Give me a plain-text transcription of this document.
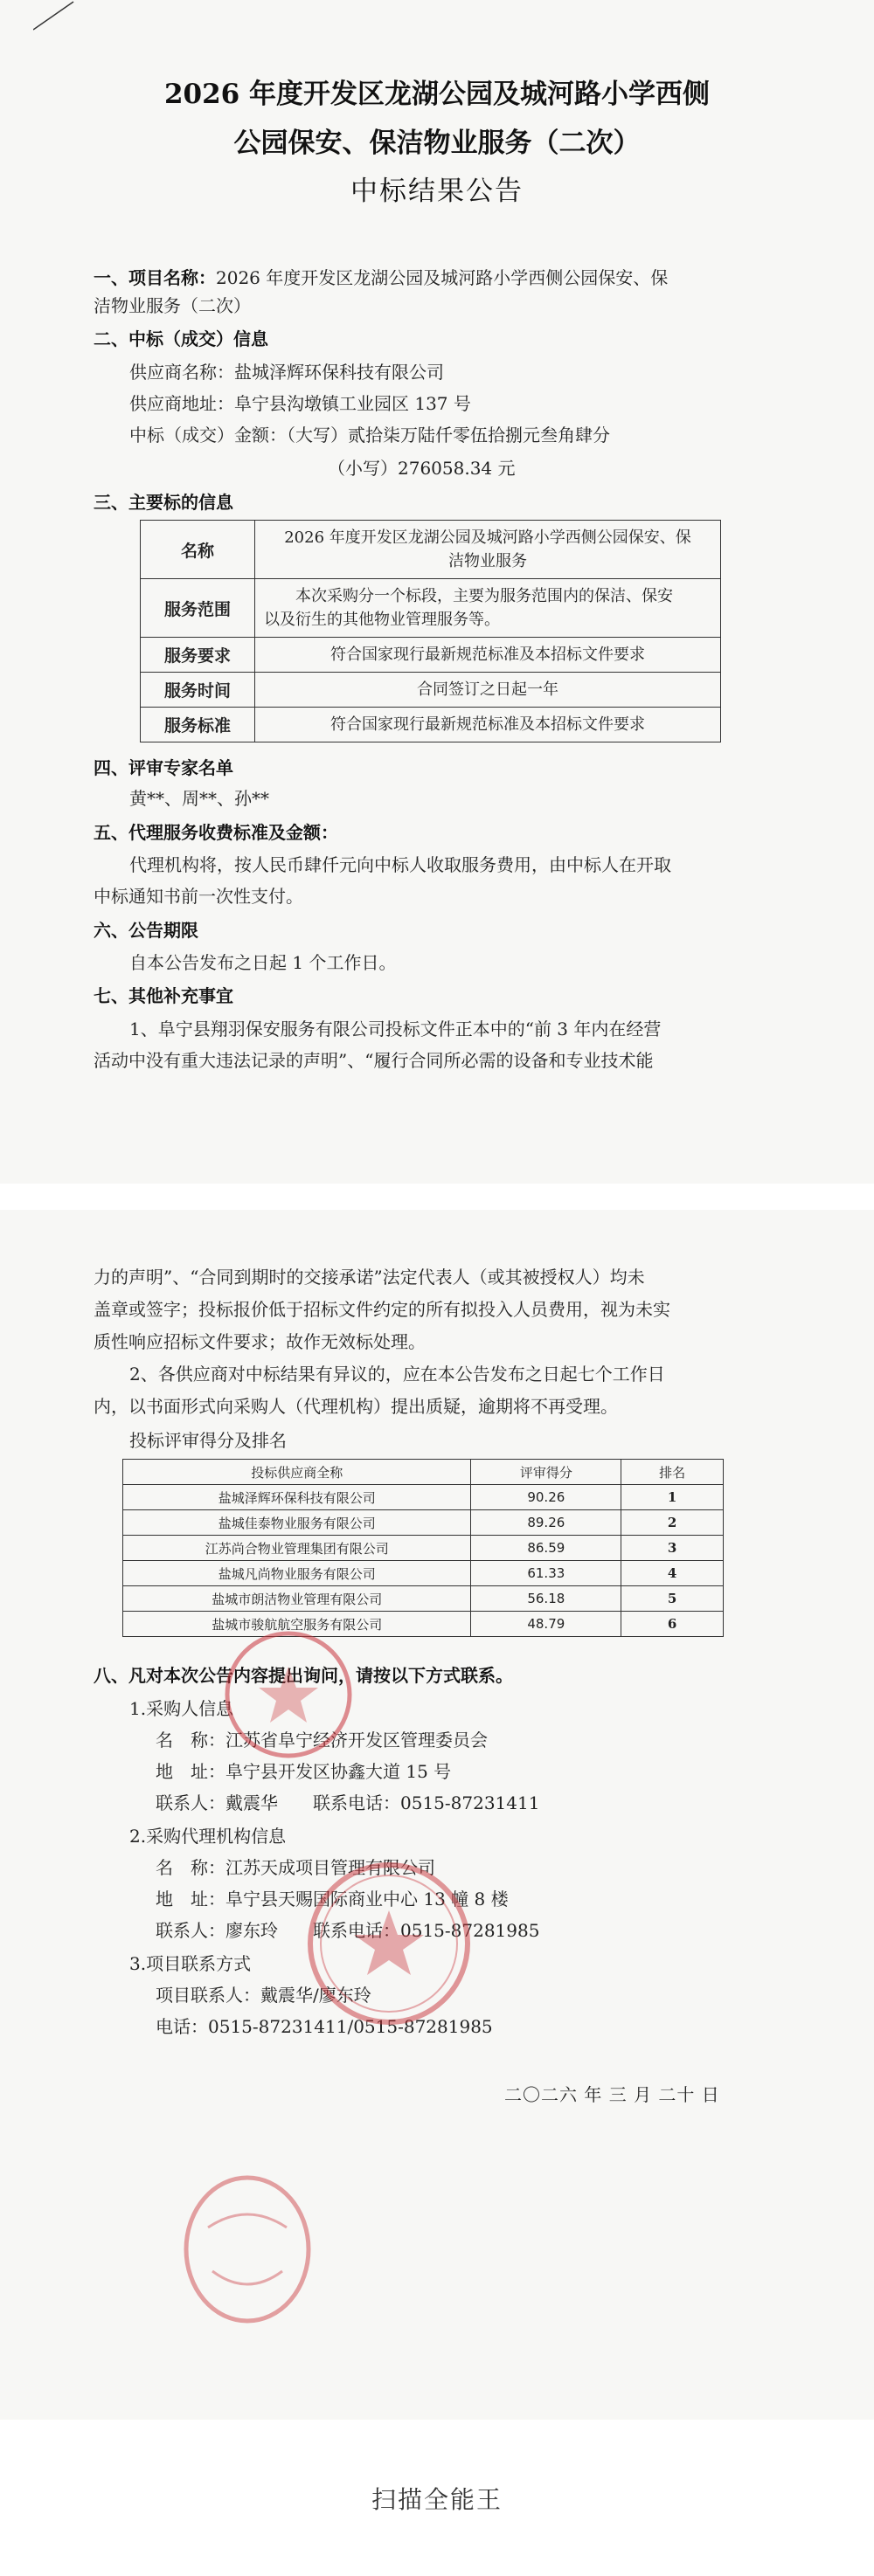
2026 年度开发区龙湖公园及城河路小学西侧
公园保安、保洁物业服务（二次）
中标结果公告
一、项目名称：2026 年度开发区龙湖公园及城河路小学西侧公园保安、保
洁物业服务（二次）
二、中标（成交）信息
供应商名称：盐城泽辉环保科技有限公司
供应商地址：阜宁县沟墩镇工业园区 137 号
中标（成交）金额：（大写）贰拾柒万陆仟零伍拾捌元叁角肆分
（小写）276058.34 元
三、主要标的信息
名称	2026 年度开发区龙湖公园及城河路小学西侧公园保安、保
洁物业服务

服务范围	本次采购分一个标段，主要为服务范围内的保洁、保安
以及衍生的其他物业管理服务等。

服务要求	符合国家现行最新规范标准及本招标文件要求
服务时间	合同签订之日起一年
服务标准	符合国家现行最新规范标准及本招标文件要求
四、评审专家名单
黄**、周**、孙**
五、代理服务收费标准及金额：
代理机构将，按人民币肆仟元向中标人收取服务费用，由中标人在开取
中标通知书前一次性支付。
六、公告期限
自本公告发布之日起 1 个工作日。
七、其他补充事宜
1、阜宁县翔羽保安服务有限公司投标文件正本中的“前 3 年内在经营
活动中没有重大违法记录的声明”、“履行合同所必需的设备和专业技术能
力的声明”、“合同到期时的交接承诺”法定代表人（或其被授权人）均未
盖章或签字；投标报价低于招标文件约定的所有拟投入人员费用，视为未实
质性响应招标文件要求；故作无效标处理。
2、各供应商对中标结果有异议的，应在本公告发布之日起七个工作日
内，以书面形式向采购人（代理机构）提出质疑，逾期将不再受理。
投标评审得分及排名
投标供应商全称	评审得分	排名
盐城泽辉环保科技有限公司	90.26	1
盐城佳泰物业服务有限公司	89.26	2
江苏尚合物业管理集团有限公司	86.59	3
盐城凡尚物业服务有限公司	61.33	4
盐城市朗洁物业管理有限公司	56.18	5
盐城市骏航航空服务有限公司	48.79	6
八、凡对本次公告内容提出询问，请按以下方式联系。
1.采购人信息
名　称：江苏省阜宁经济开发区管理委员会
地　址：阜宁县开发区协鑫大道 15 号
联系人：戴震华　　联系电话：0515-87231411
2.采购代理机构信息
名　称：江苏天成项目管理有限公司
地　址：阜宁县天赐国际商业中心 13 幢 8 楼
联系人：廖东玲　　联系电话：0515-87281985
3.项目联系方式
项目联系人：戴震华/廖东玲
电话：0515-87231411/0515-87281985
二〇二六 年 三 月 二十 日
扫描全能王
